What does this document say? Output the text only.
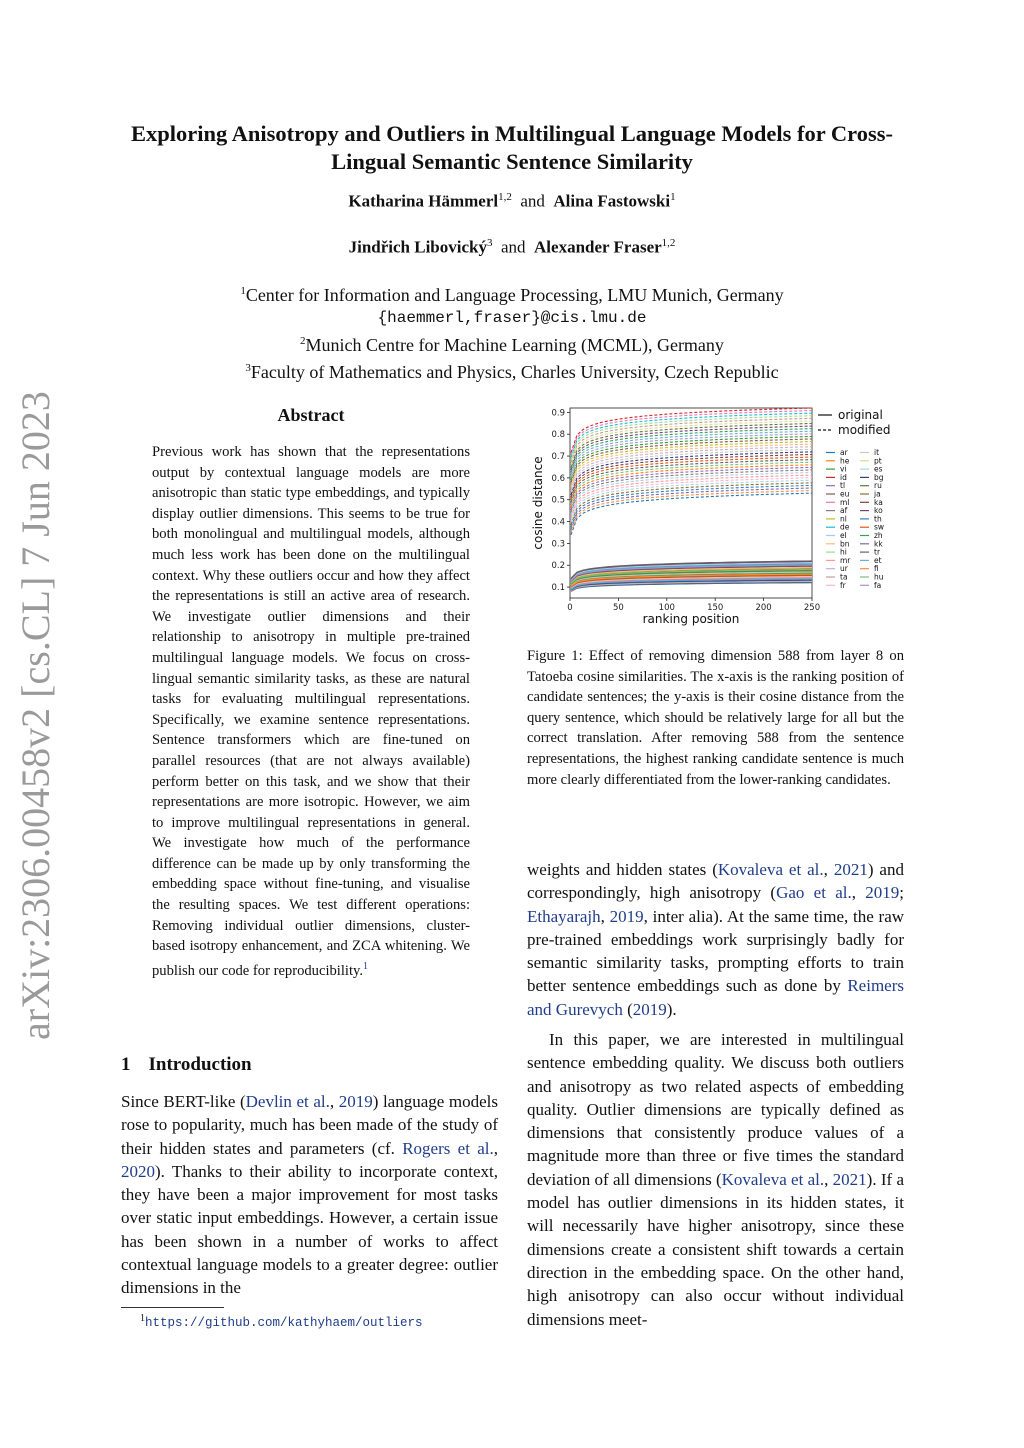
arXiv:2306.00458v2 [cs.CL] 7 Jun 2023
Exploring Anisotropy and Outliers in Multilingual Language Models for Cross-Lingual Semantic Sentence Similarity
Katharina Hämmerl$^{1,2}$ and Alina Fastowski$^1$
Jindřich Libovický$^3$ and Alexander Fraser$^{1,2}$
$^1$Center for Information and Language Processing, LMU Munich, Germany
{haemmerl,fraser}@cis.lmu.de
$^2$Munich Centre for Machine Learning (MCML), Germany
$^3$Faculty of Mathematics and Physics, Charles University, Czech Republic
Abstract

Previous work has shown that the representations output by contextual language models are more anisotropic than static type embeddings, and typically display outlier dimensions. This seems to be true for both monolingual and multilingual models, although much less work has been done on the multilingual context. Why these outliers occur and how they affect the representations is still an active area of research. We investigate outlier dimensions and their relationship to anisotropy in multiple pre-trained multilingual language models. We focus on cross-lingual semantic similarity tasks, as these are natural tasks for evaluating multilingual representations. Specifically, we examine sentence representations. Sentence transformers which are fine-tuned on parallel resources (that are not always available) perform better on this task, and we show that their representations are more isotropic. However, we aim to improve multilingual representations in general. We investigate how much of the performance difference can be made up by only transforming the embedding space without fine-tuning, and visualise the resulting spaces. We test different operations: Removing individual outlier dimensions, cluster-based isotropy enhancement, and ZCA whitening. We publish our code for reproducibility.$^1$

1 Introduction

Since BERT-like (Devlin et al., 2019) language models rose to popularity, much has been made of the study of their hidden states and parameters (cf. Rogers et al., 2020). Thanks to their ability to incorporate context, they have been a major improvement for most tasks over static input embeddings. However, a certain issue has been shown in a number of works to affect contextual language models to a greater degree: outlier dimensions in the

$^1$https://github.com/kathyhaem/outliers
0.1
0.2
0.3
0.4
0.5
0.6
0.7
0.8
0.9
0	50	100	150	200	250
ranking position
cosine distance
original
modified
ar
he
vi
id
tl
eu
ml
af
nl
de
el
bn
hi
mr
ur
ta
fr
it
pt
es
bg
ru
ja
ka
ko
th
sw
zh
kk
tr
et
fi
hu
fa

Figure 1: Effect of removing dimension 588 from layer 8 on Tatoeba cosine similarities. The x-axis is the ranking position of candidate sentences; the y-axis is their cosine distance from the query sentence, which should be relatively large for all but the correct translation. After removing 588 from the sentence representations, the highest ranking candidate sentence is much more clearly differentiated from the lower-ranking candidates.

weights and hidden states (Kovaleva et al., 2021) and correspondingly, high anisotropy (Gao et al., 2019; Ethayarajh, 2019, inter alia). At the same time, the raw pre-trained embeddings work surprisingly badly for semantic similarity tasks, prompting efforts to train better sentence embeddings such as done by Reimers and Gurevych (2019).

In this paper, we are interested in multilingual sentence embedding quality. We discuss both outliers and anisotropy as two related aspects of embedding quality. Outlier dimensions are typically defined as dimensions that consistently produce values of a magnitude more than three or five times the standard deviation of all dimensions (Kovaleva et al., 2021). If a model has outlier dimensions in its hidden states, it will necessarily have higher anisotropy, since these dimensions create a consistent shift towards a certain direction in the embedding space. On the other hand, high anisotropy can also occur without individual dimensions meet-
